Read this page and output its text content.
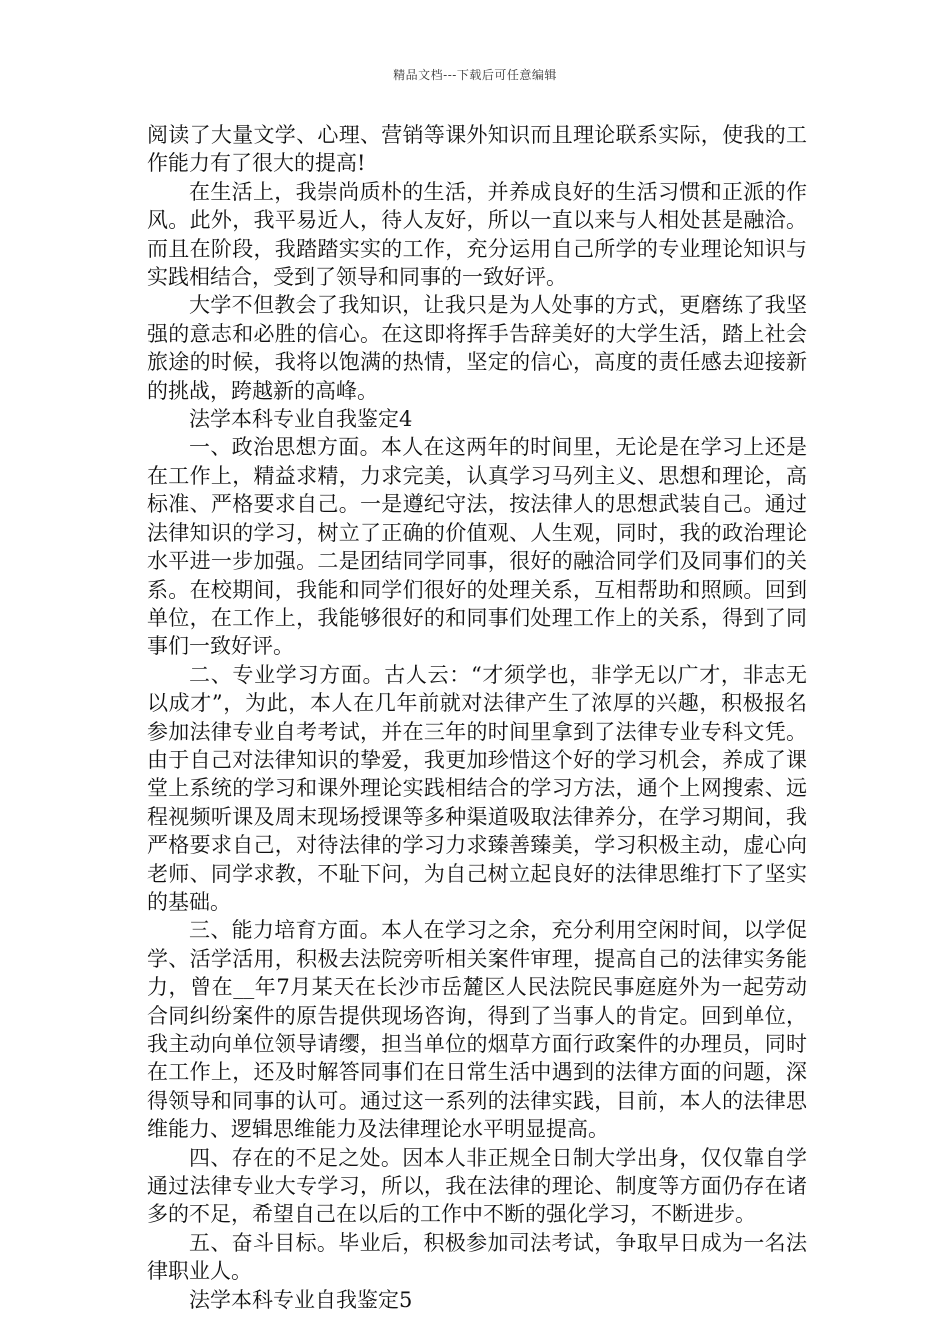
精品文档---下载后可任意编辑

阅读了大量文学、心理、营销等课外知识而且理论联系实际，使我的工作能力有了很大的提高!

在生活上，我崇尚质朴的生活，并养成良好的生活习惯和正派的作风。此外，我平易近人，待人友好，所以一直以来与人相处甚是融洽。而且在阶段，我踏踏实实的工作，充分运用自己所学的专业理论知识与实践相结合，受到了领导和同事的一致好评。

大学不但教会了我知识，让我只是为人处事的方式，更磨练了我坚强的意志和必胜的信心。在这即将挥手告辞美好的大学生活，踏上社会旅途的时候，我将以饱满的热情，坚定的信心，高度的责任感去迎接新的挑战，跨越新的高峰。

法学本科专业自我鉴定4

一、政治思想方面。本人在这两年的时间里，无论是在学习上还是在工作上，精益求精，力求完美，认真学习马列主义、思想和理论，高标准、严格要求自己。一是遵纪守法，按法律人的思想武装自己。通过法律知识的学习，树立了正确的价值观、人生观，同时，我的政治理论水平进一步加强。二是团结同学同事，很好的融洽同学们及同事们的关系。在校期间，我能和同学们很好的处理关系，互相帮助和照顾。回到单位，在工作上，我能够很好的和同事们处理工作上的关系，得到了同事们一致好评。

二、专业学习方面。古人云：“才须学也，非学无以广才，非志无以成才”，为此，本人在几年前就对法律产生了浓厚的兴趣，积极报名参加法律专业自考考试，并在三年的时间里拿到了法律专业专科文凭。由于自己对法律知识的挚爱，我更加珍惜这个好的学习机会，养成了课堂上系统的学习和课外理论实践相结合的学习方法，通个上网搜索、远程视频听课及周末现场授课等多种渠道吸取法律养分，在学习期间，我严格要求自己，对待法律的学习力求臻善臻美，学习积极主动，虚心向老师、同学求教，不耻下问，为自己树立起良好的法律思维打下了坚实的基础。

三、能力培育方面。本人在学习之余，充分利用空闲时间，以学促学、活学活用，积极去法院旁听相关案件审理，提高自己的法律实务能力，曾在__年7月某天在长沙市岳麓区人民法院民事庭庭外为一起劳动合同纠纷案件的原告提供现场咨询，得到了当事人的肯定。回到单位，我主动向单位领导请缨，担当单位的烟草方面行政案件的办理员，同时在工作上，还及时解答同事们在日常生活中遇到的法律方面的问题，深得领导和同事的认可。通过这一系列的法律实践，目前，本人的法律思维能力、逻辑思维能力及法律理论水平明显提高。

四、存在的不足之处。因本人非正规全日制大学出身，仅仅靠自学通过法律专业大专学习，所以，我在法律的理论、制度等方面仍存在诸多的不足，希望自己在以后的工作中不断的强化学习，不断进步。

五、奋斗目标。毕业后，积极参加司法考试，争取早日成为一名法律职业人。

法学本科专业自我鉴定5
